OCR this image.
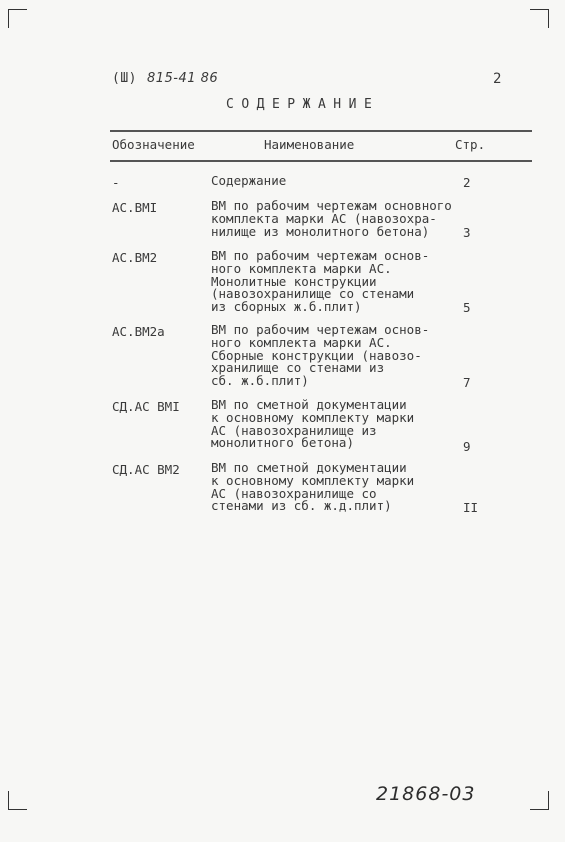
(Ш) 815-41 86	2
СОДЕРЖАНИЕ
Обозначение	Наименование	Стр.
-	Содержание	2
АС.ВМI	ВМ по рабочим чертежам основного
комплекта марки АС (навозохра-
нилище из монолитного бетона)	3
АС.ВМ2	ВМ по рабочим чертежам основ-
ного комплекта марки АС.
Монолитные конструкции
(навозохранилище со стенами
из сборных ж.б.плит)	5
АС.ВМ2а	ВМ по рабочим чертежам основ-
ного комплекта марки АС.
Сборные конструкции (навозо-
хранилище со стенами из
сб. ж.б.плит)	7
СД.АС ВМI	ВМ по сметной документации
к основному комплекту марки
АС (навозохранилище из
монолитного бетона)	9
СД.АС ВМ2	ВМ по сметной документации
к основному комплекту марки
АС (навозохранилище со
стенами из сб. ж.д.плит)	II
21868-03
